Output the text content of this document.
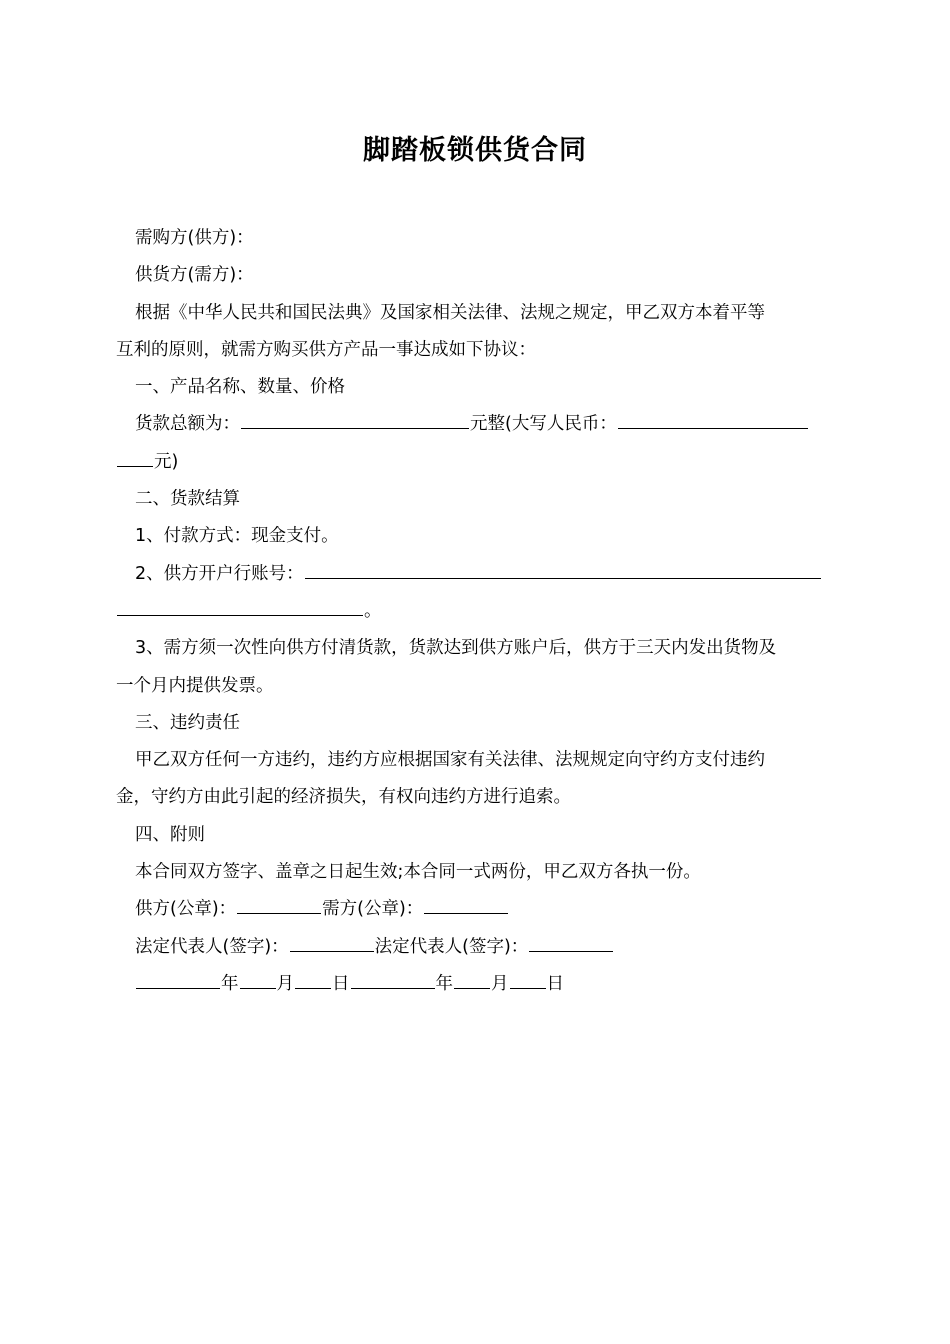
脚踏板锁供货合同
需购方(供方)：
供货方(需方)：
根据《中华人民共和国民法典》及国家相关法律、法规之规定，甲乙双方本着平等
互利的原则，就需方购买供方产品一事达成如下协议：
一、产品名称、数量、价格
货款总额为：	元整(大写人民币：
元)
二、货款结算
1、付款方式：现金支付。
2、供方开户行账号：
。
3、需方须一次性向供方付清货款，货款达到供方账户后，供方于三天内发出货物及
一个月内提供发票。
三、违约责任
甲乙双方任何一方违约，违约方应根据国家有关法律、法规规定向守约方支付违约
金，守约方由此引起的经济损失，有权向违约方进行追索。
四、附则
本合同双方签字、盖章之日起生效;本合同一式两份，甲乙双方各执一份。
供方(公章)：	需方(公章)：
法定代表人(签字)：	法定代表人(签字)：
年 月 日	年 月 日
